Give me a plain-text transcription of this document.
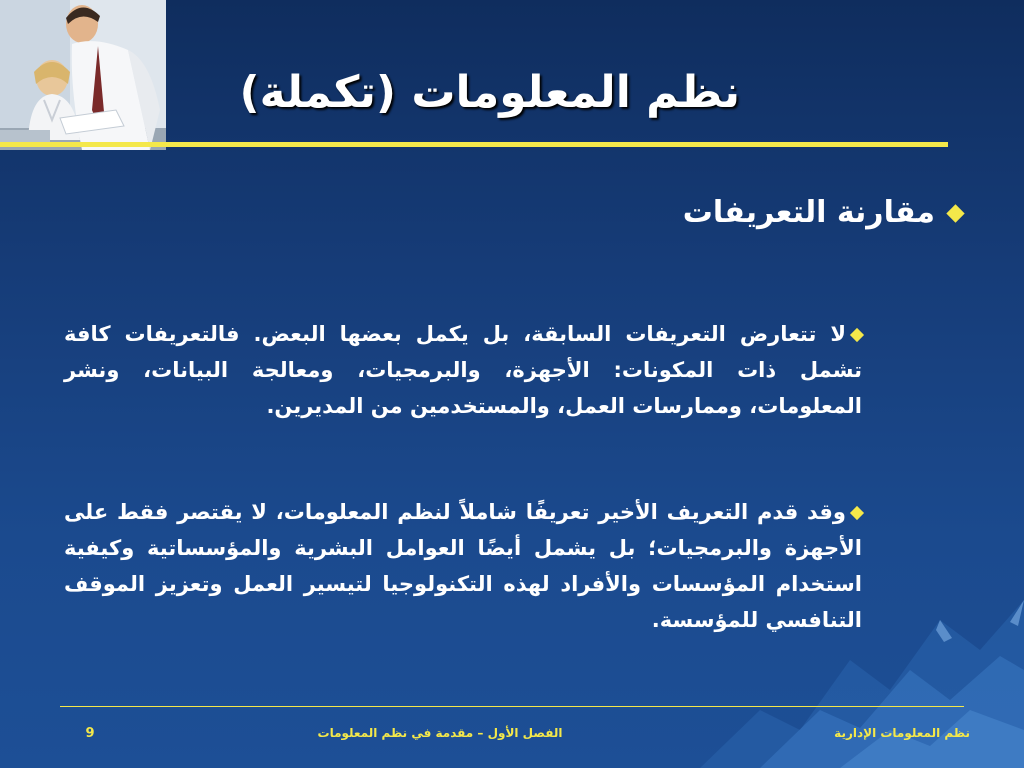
نظم المعلومات (تكملة)
مقارنة التعريفات
لا تتعارض التعريفات السابقة، بل يكمل بعضها البعض. فالتعريفات كافة تشمل ذات المكونات: الأجهزة، والبرمجيات، ومعالجة البيانات، ونشر المعلومات، وممارسات العمل، والمستخدمين من المديرين.
وقد قدم التعريف الأخير تعريفًا شاملاً لنظم المعلومات، لا يقتصر فقط على الأجهزة والبرمجيات؛ بل يشمل أيضًا العوامل البشرية والمؤسساتية وكيفية استخدام المؤسسات والأفراد لهذه التكنولوجيا لتيسير العمل وتعزيز الموقف التنافسي للمؤسسة.
9	الفصل الأول – مقدمة في نظم المعلومات	نظم المعلومات الإدارية
